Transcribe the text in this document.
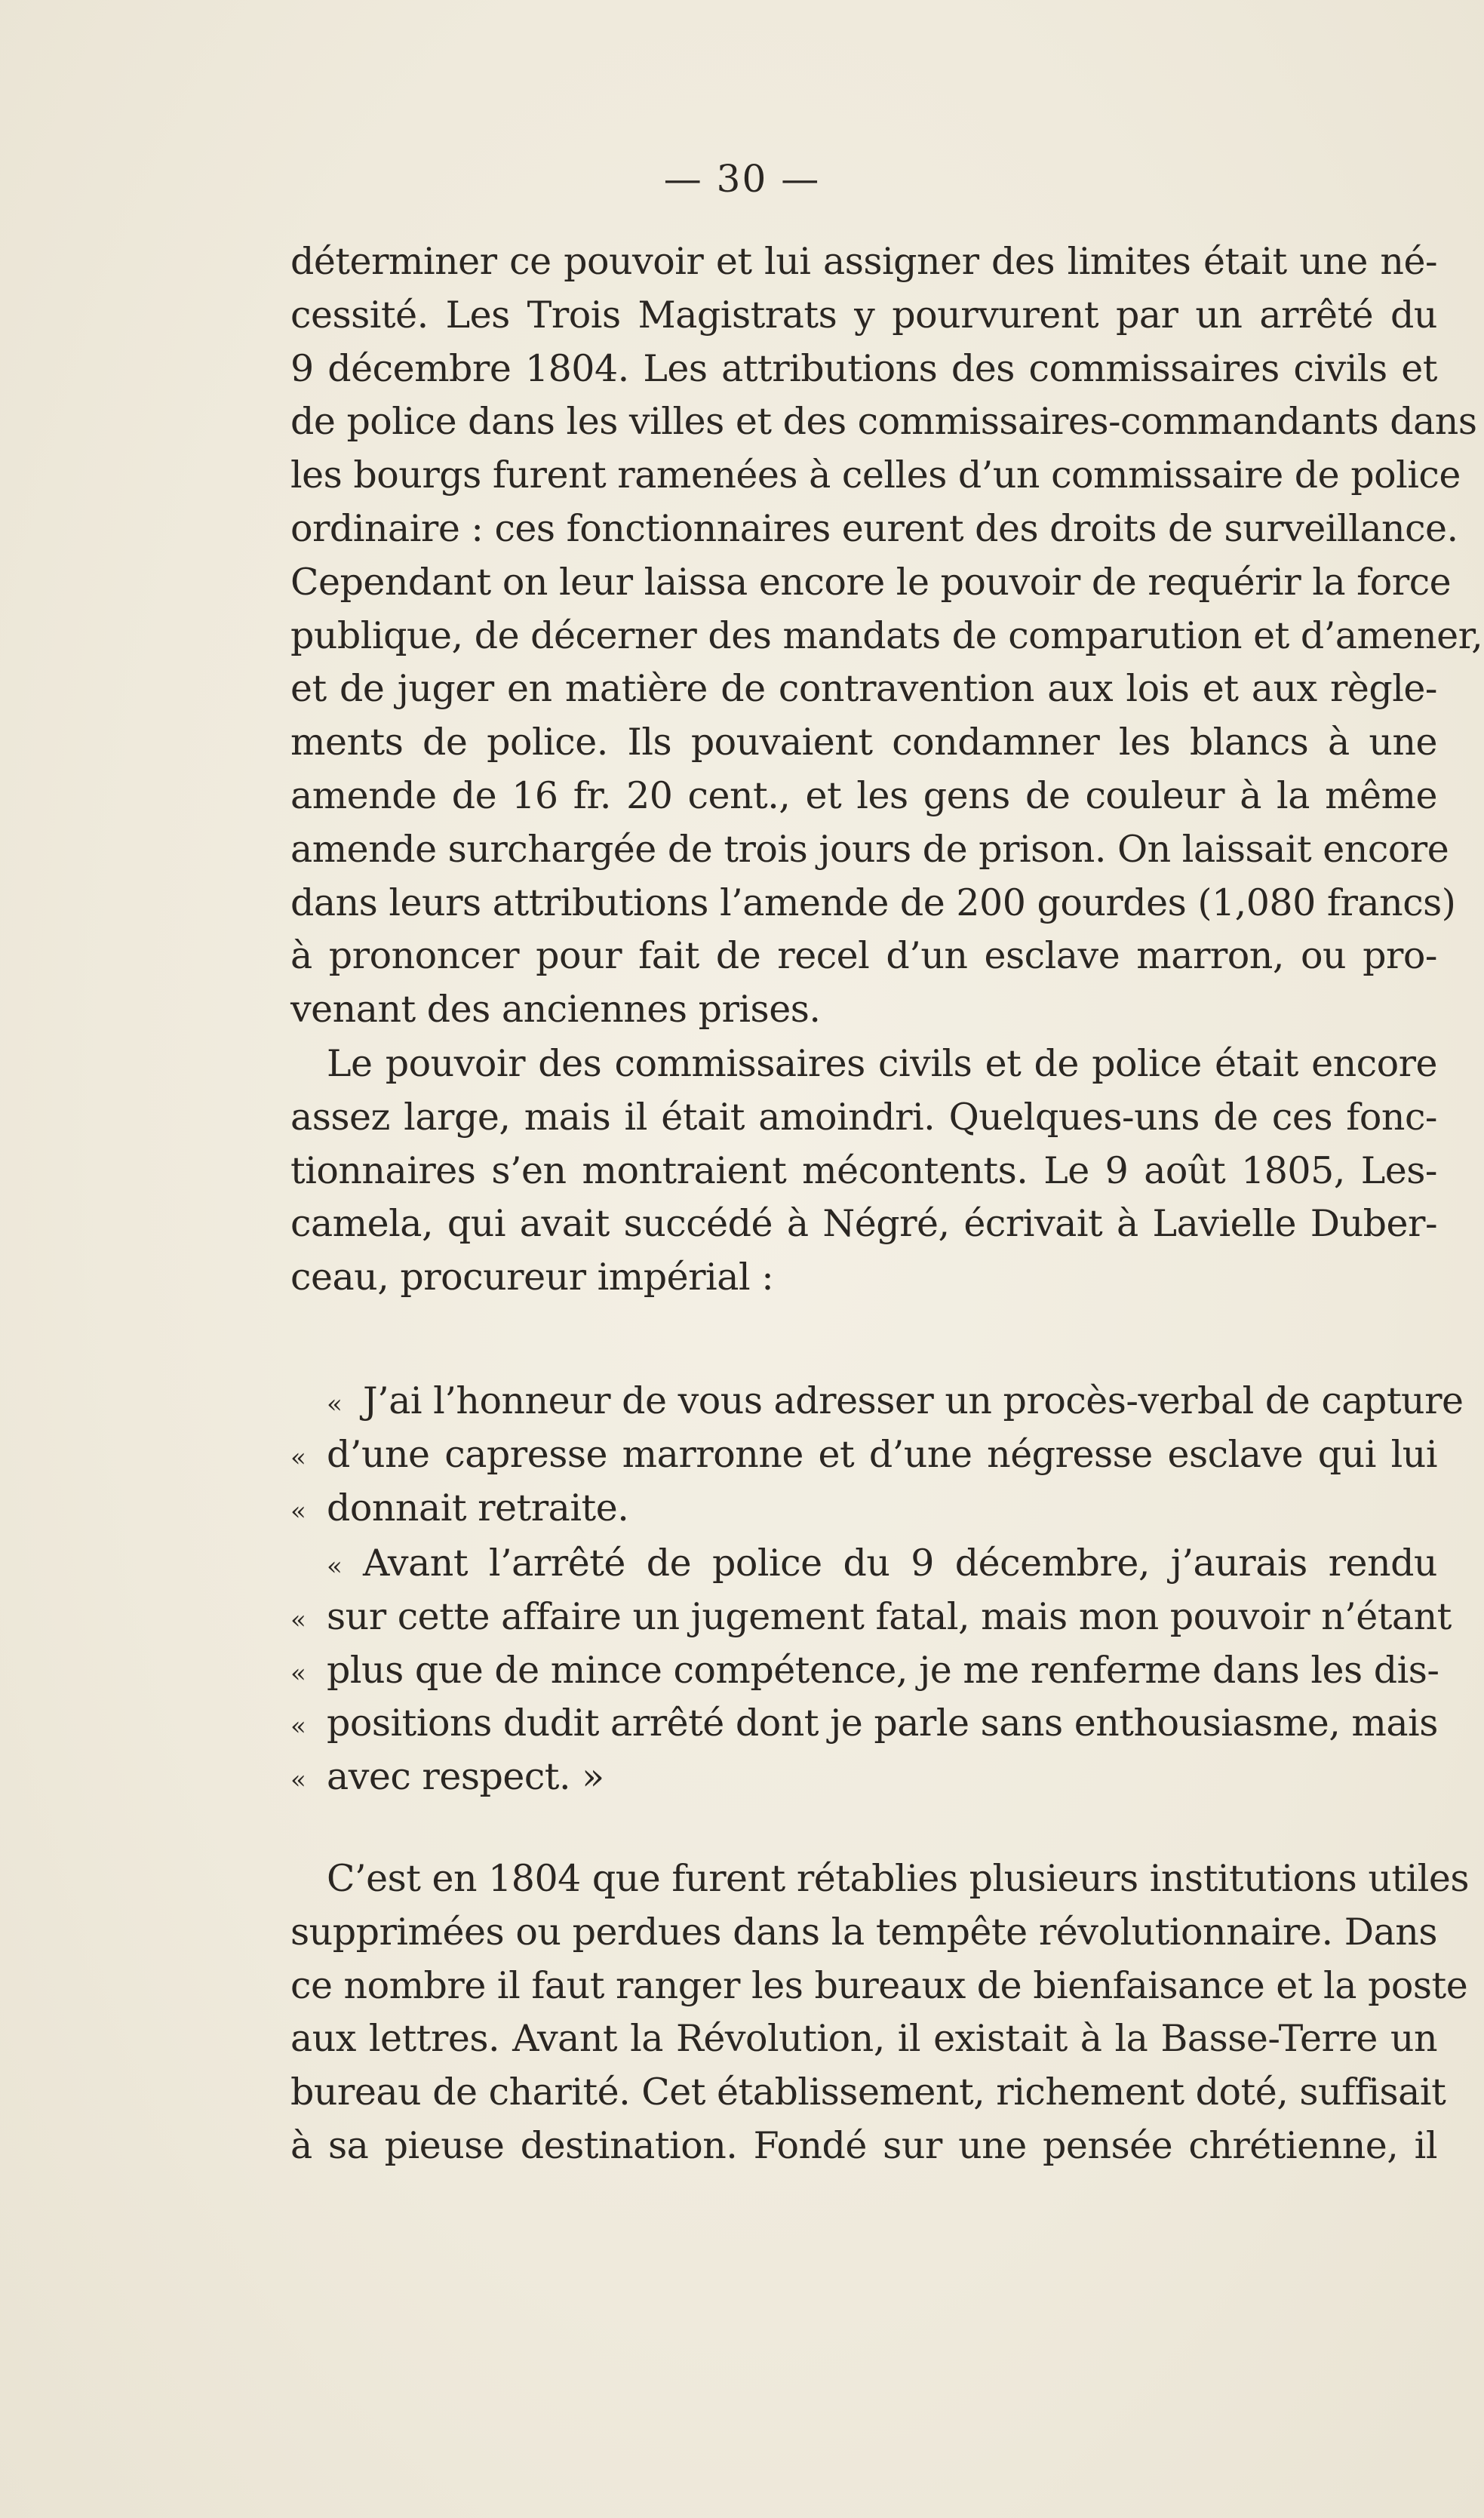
— 30 —
déterminer ce pouvoir et lui assigner des limites était une né-
cessité. Les Trois Magistrats y pourvurent par un arrêté du
9 décembre 1804. Les attributions des commissaires civils et
de police dans les villes et des commissaires-commandants dans
les bourgs furent ramenées à celles d’un commissaire de police
ordinaire : ces fonctionnaires eurent des droits de surveillance.
Cependant on leur laissa encore le pouvoir de requérir la force
publique, de décerner des mandats de comparution et d’amener,
et de juger en matière de contravention aux lois et aux règle-
ments de police. Ils pouvaient condamner les blancs à une
amende de 16 fr. 20 cent., et les gens de couleur à la même
amende surchargée de trois jours de prison. On laissait encore
dans leurs attributions l’amende de 200 gourdes (1,080 francs)
à prononcer pour fait de recel d’un esclave marron, ou pro-
venant des anciennes prises.
Le pouvoir des commissaires civils et de police était encore
assez large, mais il était amoindri. Quelques-uns de ces fonc-
tionnaires s’en montraient mécontents. Le 9 août 1805, Les-
camela, qui avait succédé à Négré, écrivait à Lavielle Duber-
ceau, procureur impérial :
« J’ai l’honneur de vous adresser un procès-verbal de capture
« d’une capresse marronne et d’une négresse esclave qui lui
« donnait retraite.
« Avant l’arrêté de police du 9 décembre, j’aurais rendu
« sur cette affaire un jugement fatal, mais mon pouvoir n’étant
« plus que de mince compétence, je me renferme dans les dis-
« positions dudit arrêté dont je parle sans enthousiasme, mais
« avec respect. »
C’est en 1804 que furent rétablies plusieurs institutions utiles
supprimées ou perdues dans la tempête révolutionnaire. Dans
ce nombre il faut ranger les bureaux de bienfaisance et la poste
aux lettres. Avant la Révolution, il existait à la Basse-Terre un
bureau de charité. Cet établissement, richement doté, suffisait
à sa pieuse destination. Fondé sur une pensée chrétienne, il
